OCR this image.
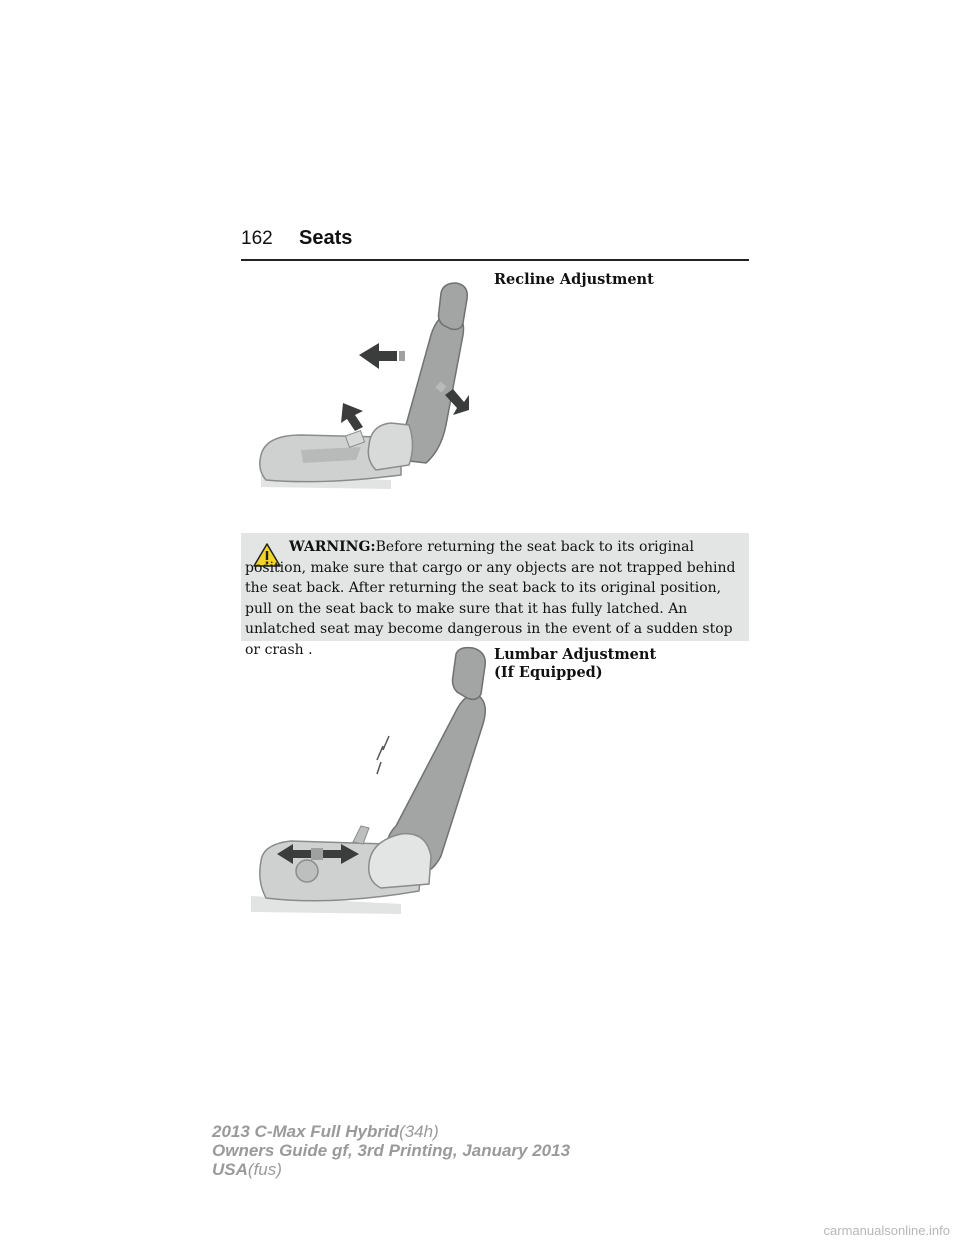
162 Seats
Recline Adjustment
WARNING:Before returning the seat back to its original position, make sure that cargo or any objects are not trapped behind the seat back. After returning the seat back to its original position, pull on the seat back to make sure that it has fully latched. An unlatched seat may become dangerous in the event of a sudden stop or crash .	Lumbar Adjustment
(If Equipped)
2013 C-Max Full Hybrid(34h)
Owners Guide gf, 3rd Printing, January 2013
USA(fus)
carmanualsonline.info
